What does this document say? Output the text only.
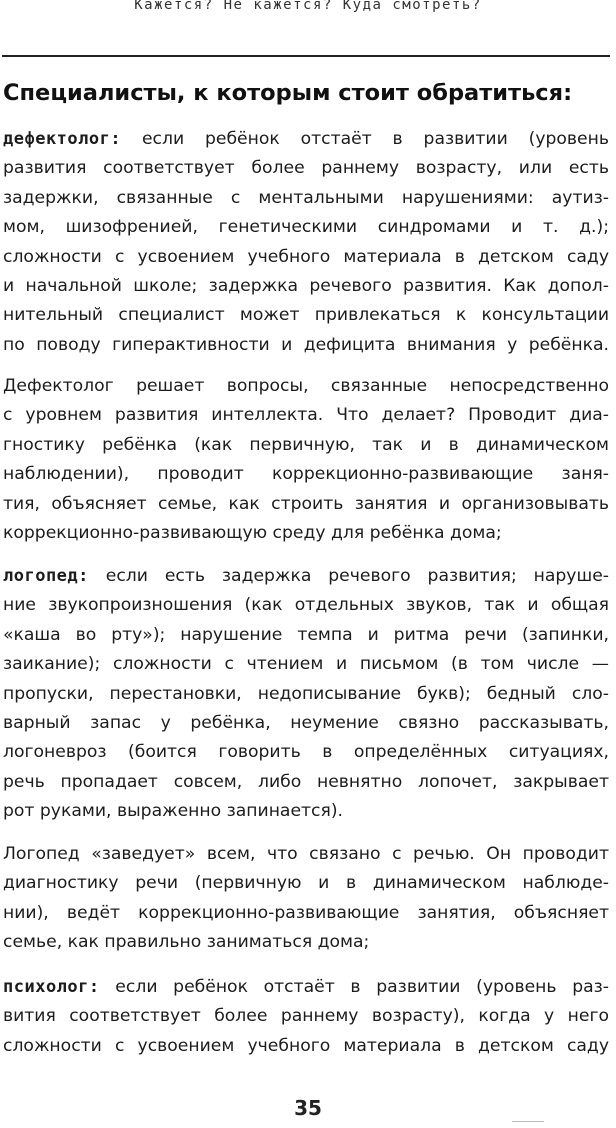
Кажется? Не кажется? Куда смотреть?
Специалисты, к которым стоит обратиться:
дефектолог: если ребёнок отстаёт в развитии (уровень
развития соответствует более раннему возрасту, или есть
задержки, связанные с ментальными нарушениями: аутиз-
мом, шизофренией, генетическими синдромами и т. д.);
сложности с усвоением учебного материала в детском саду
и начальной школе; задержка речевого развития. Как допол-
нительный специалист может привлекаться к консультации
по поводу гиперактивности и дефицита внимания у ребёнка.
Дефектолог решает вопросы, связанные непосредственно
с уровнем развития интеллекта. Что делает? Проводит диа-
гностику ребёнка (как первичную, так и в динамическом
наблюдении), проводит коррекционно-развивающие заня-
тия, объясняет семье, как строить занятия и организовывать
коррекционно-развивающую среду для ребёнка дома;
логопед: если есть задержка речевого развития; наруше-
ние звукопроизношения (как отдельных звуков, так и общая
«каша во рту»); нарушение темпа и ритма речи (запинки,
заикание); сложности с чтением и письмом (в том числе —
пропуски, перестановки, недописывание букв); бедный сло-
варный запас у ребёнка, неумение связно рассказывать,
логоневроз (боится говорить в определённых ситуациях,
речь пропадает совсем, либо невнятно лопочет, закрывает
рот руками, выраженно запинается).
Логопед «заведует» всем, что связано с речью. Он проводит
диагностику речи (первичную и в динамическом наблюде-
нии), ведёт коррекционно-развивающие занятия, объясняет
семье, как правильно заниматься дома;
психолог: если ребёнок отстаёт в развитии (уровень раз-
вития соответствует более раннему возрасту), когда у него
сложности с усвоением учебного материала в детском саду
35
